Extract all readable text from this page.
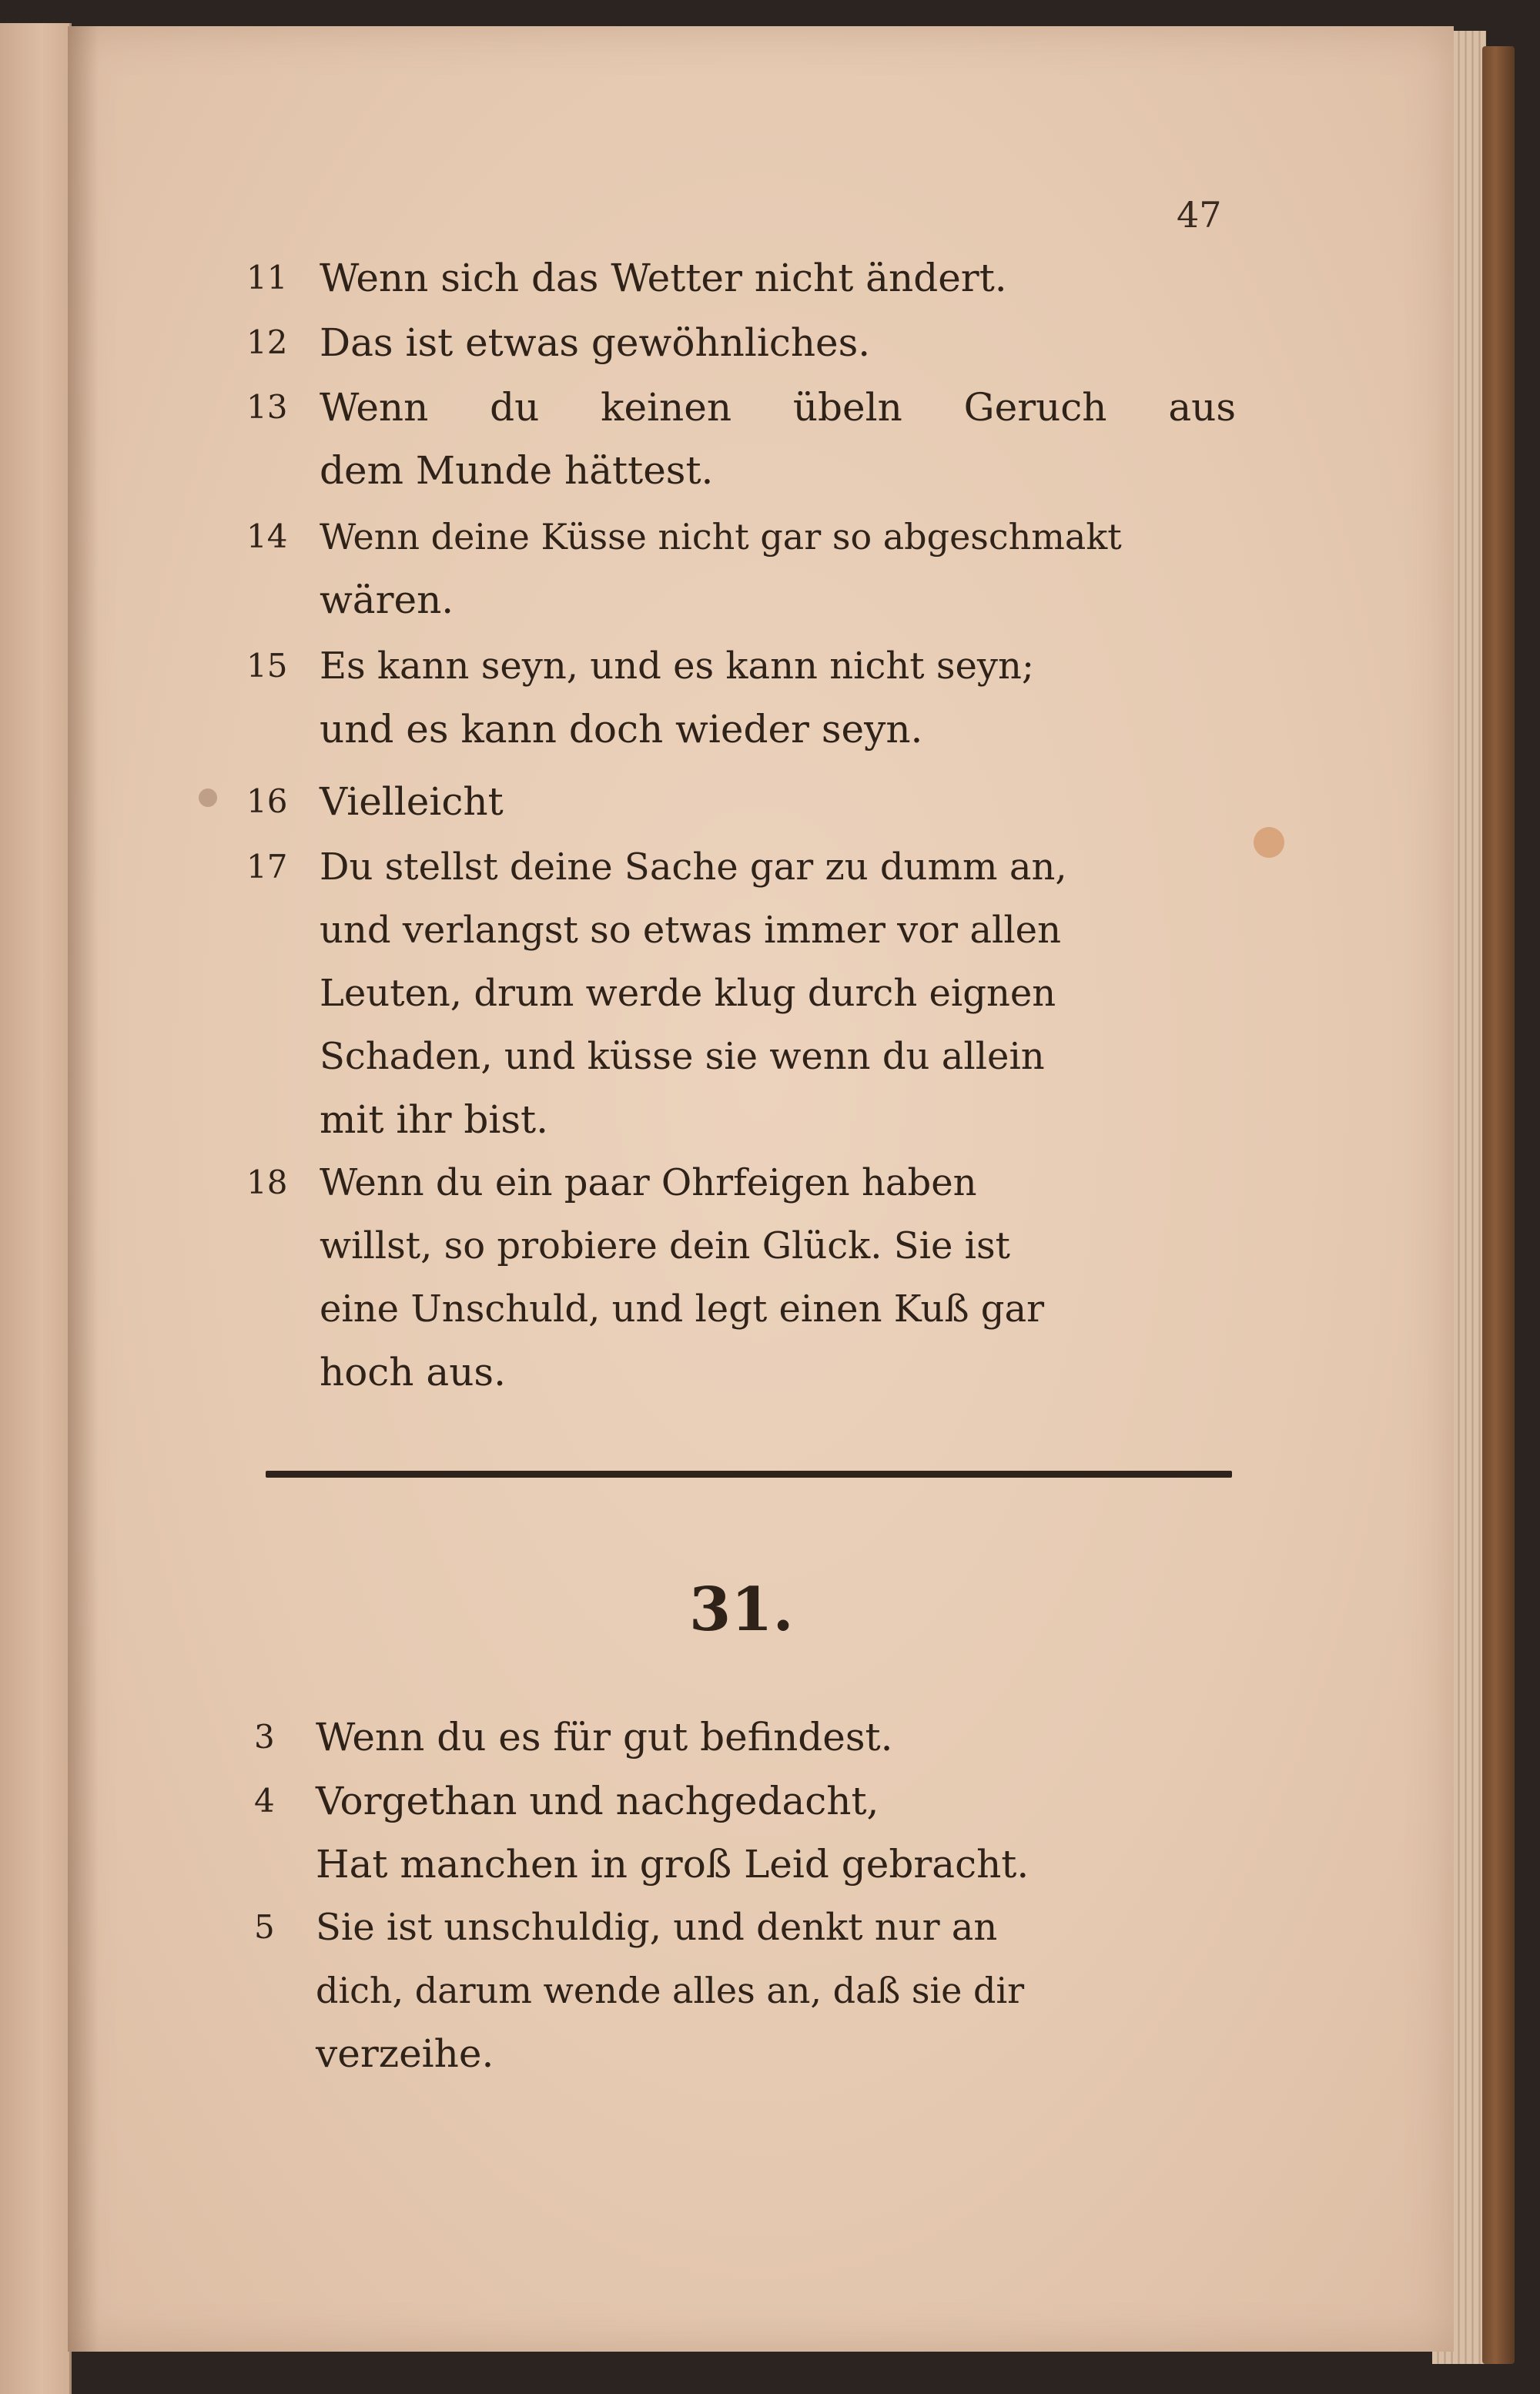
47
11 Wenn sich das Wetter nicht ändert.
12 Das ist etwas gewöhnliches.
13 Wenn du keinen übeln Geruch aus
dem Munde hättest.
14 Wenn deine Küsse nicht gar so abgeschmakt
wären.
15 Es kann seyn, und es kann nicht seyn;
und es kann doch wieder seyn.
16 Vielleicht
17 Du stellst deine Sache gar zu dumm an,
und verlangst so etwas immer vor allen
Leuten, drum werde klug durch eignen
Schaden, und küsse sie wenn du allein
mit ihr bist.
18 Wenn du ein paar Ohrfeigen haben
willst, so probiere dein Glück. Sie ist
eine Unschuld, und legt einen Kuß gar
hoch aus.
31.
3	Wenn du es für gut befindest.
4	Vorgethan und nachgedacht,
Hat manchen in groß Leid gebracht.
5	Sie ist unschuldig, und denkt nur an
dich, darum wende alles an, daß sie dir
verzeihe.
